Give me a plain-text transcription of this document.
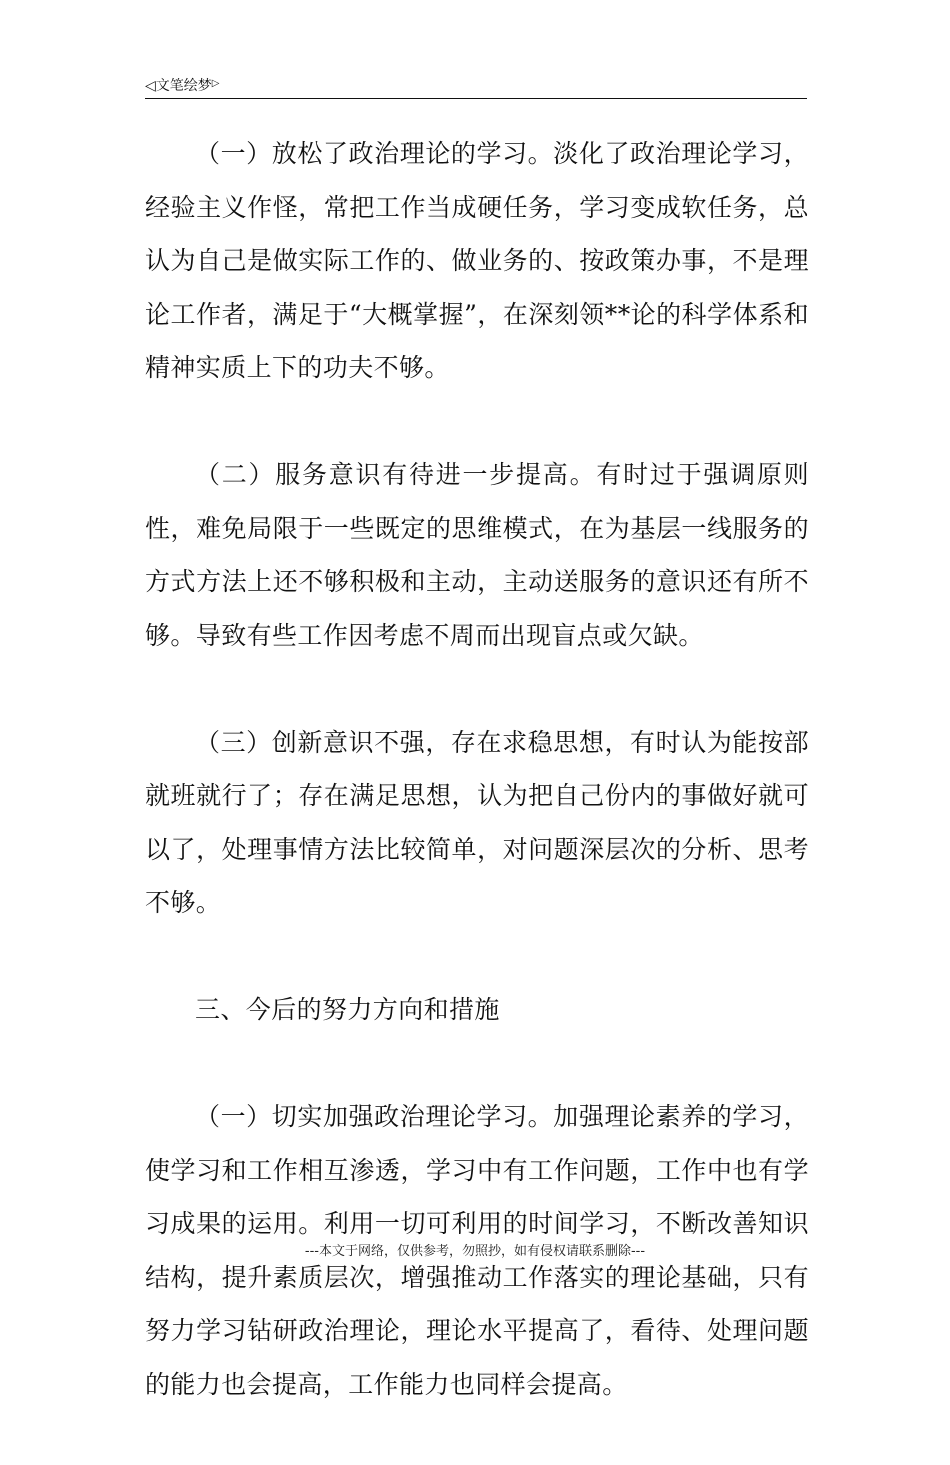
◁文笔绘梦▷

（一）放松了政治理论的学习。淡化了政治理论学习，经验主义作怪，常把工作当成硬任务，学习变成软任务，总认为自己是做实际工作的、做业务的、按政策办事，不是理论工作者，满足于“大概掌握”，在深刻领**论的科学体系和精神实质上下的功夫不够。

（二）服务意识有待进一步提高。有时过于强调原则性，难免局限于一些既定的思维模式，在为基层一线服务的方式方法上还不够积极和主动，主动送服务的意识还有所不够。导致有些工作因考虑不周而出现盲点或欠缺。

（三）创新意识不强，存在求稳思想，有时认为能按部就班就行了；存在满足思想，认为把自己份内的事做好就可以了，处理事情方法比较简单，对问题深层次的分析、思考不够。

三、今后的努力方向和措施

（一）切实加强政治理论学习。加强理论素养的学习，使学习和工作相互渗透，学习中有工作问题，工作中也有学习成果的运用。利用一切可利用的时间学习，不断改善知识结构，提升素质层次，增强推动工作落实的理论基础，只有努力学习钻研政治理论，理论水平提高了，看待、处理问题的能力也会提高，工作能力也同样会提高。

---本文于网络，仅供参考，勿照抄，如有侵权请联系删除---
